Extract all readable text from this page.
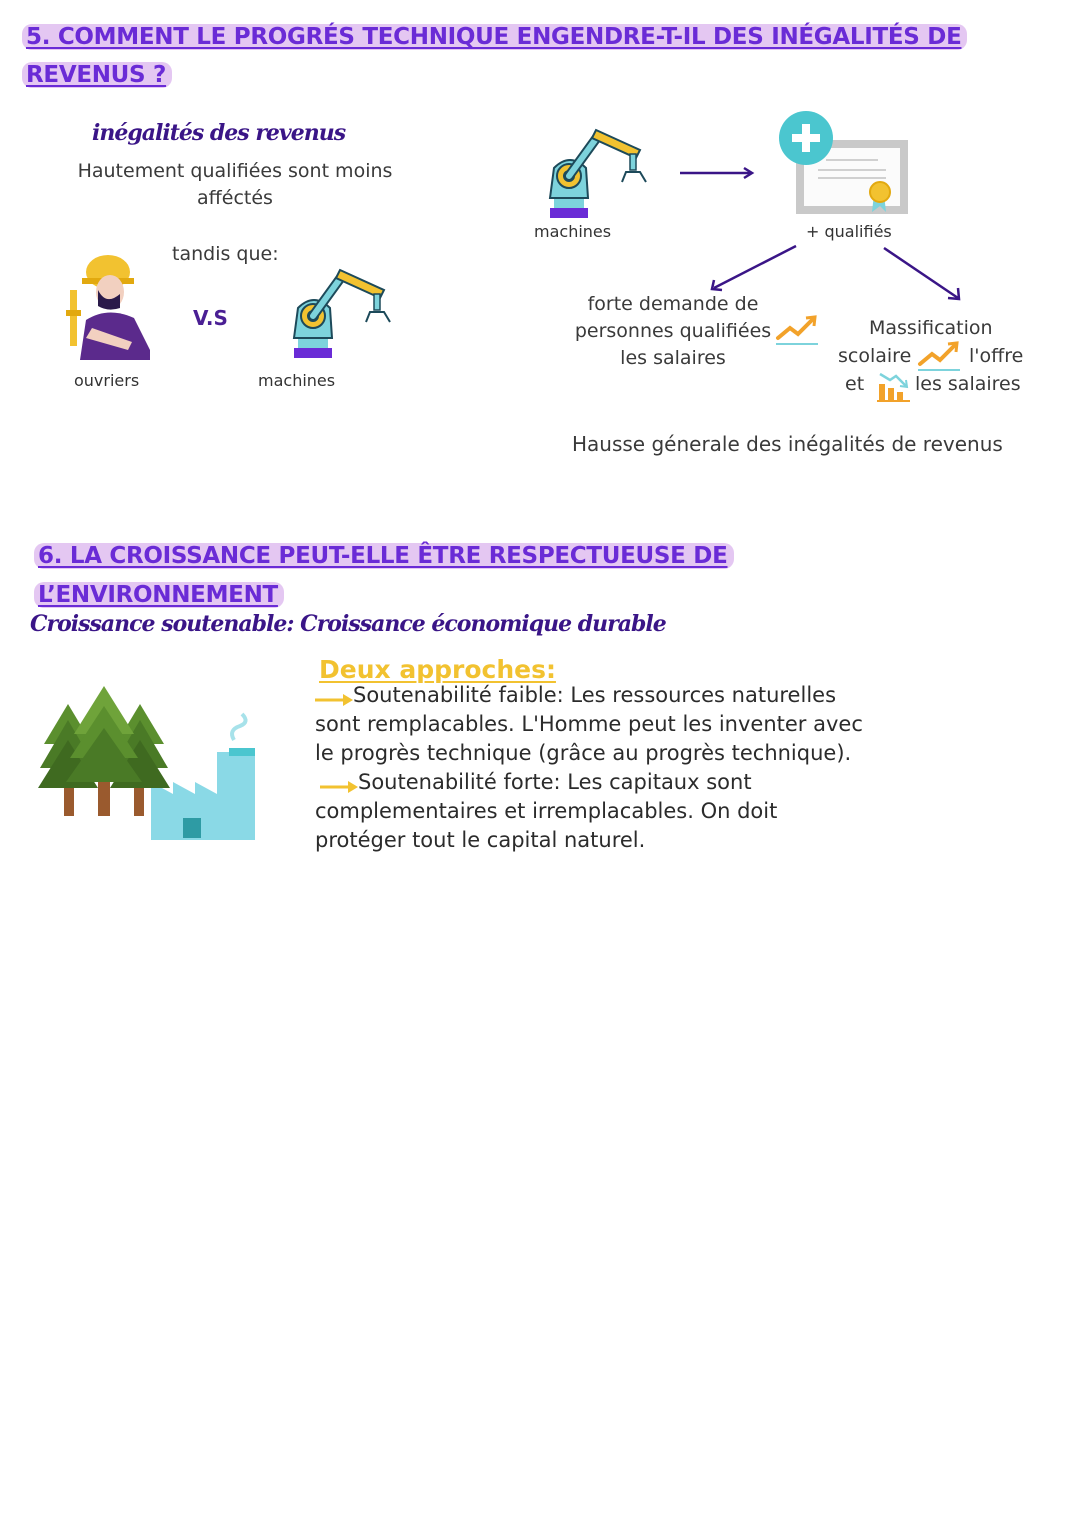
5. COMMENT LE PROGRÉS TECHNIQUE ENGENDRE-T-IL DES INÉGALITÉS DE
REVENUS ?
inégalités des revenus
Hautement qualifiées sont moins
afféctés
tandis que:
ouvriers
V.S
machines
machines	+ qualifiés
forte demande de
personnes qualifiées
les salaires
Massification
scolaire	l'offre
et	les salaires
Hausse génerale des inégalités de revenus
6. LA CROISSANCE PEUT-ELLE ÊTRE RESPECTUEUSE DE
L’ENVIRONNEMENT
Croissance soutenable: Croissance économique durable
Deux approches:
Soutenabilité faible: Les ressources naturelles
sont remplacables. L'Homme peut les inventer avec
le progrès technique (grâce au progrès technique).
Soutenabilité forte: Les capitaux sont
complementaires et irremplacables. On doit
protéger tout le capital naturel.
